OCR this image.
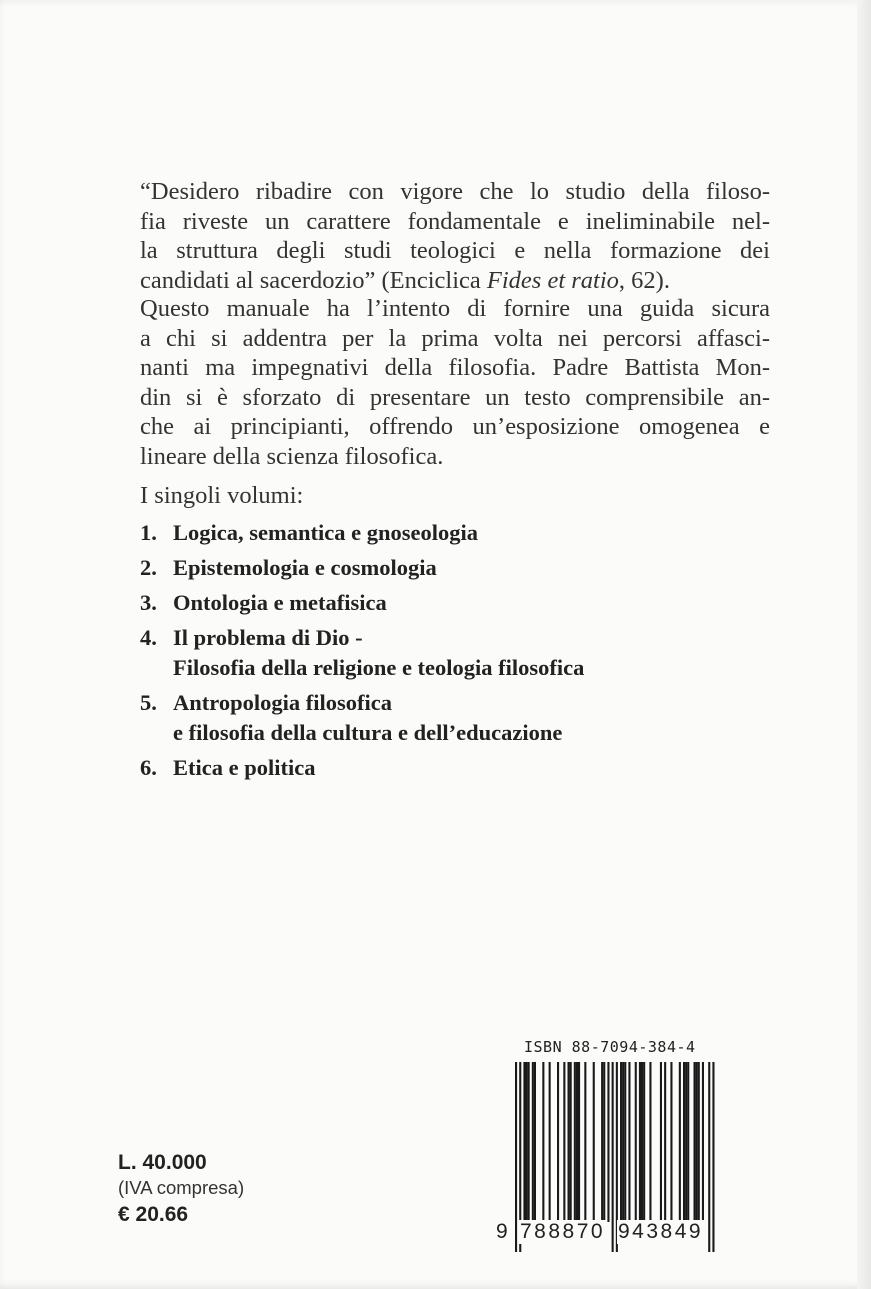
“Desidero ribadire con vigore che lo studio della filoso-
fia riveste un carattere fondamentale e ineliminabile nel-
la struttura degli studi teologici e nella formazione dei
candidati al sacerdozio” (Enciclica Fides et ratio, 62).

Questo manuale ha l’intento di fornire una guida sicura
a chi si addentra per la prima volta nei percorsi affasci-
nanti ma impegnativi della filosofia. Padre Battista Mon-
din si è sforzato di presentare un testo comprensibile an-
che ai principianti, offrendo un’esposizione omogenea e
lineare della scienza filosofica.

I singoli volumi:

1. Logica, semantica e gnoseologia
2. Epistemologia e cosmologia
3. Ontologia e metafisica
4. Il problema di Dio -
Filosofia della religione e teologia filosofica
5. Antropologia filosofica
e filosofia della cultura e dell’educazione
6. Etica e politica
ISBN 88-7094-384-4
9 788870 943849
L. 40.000
(IVA compresa)
€ 20.66
